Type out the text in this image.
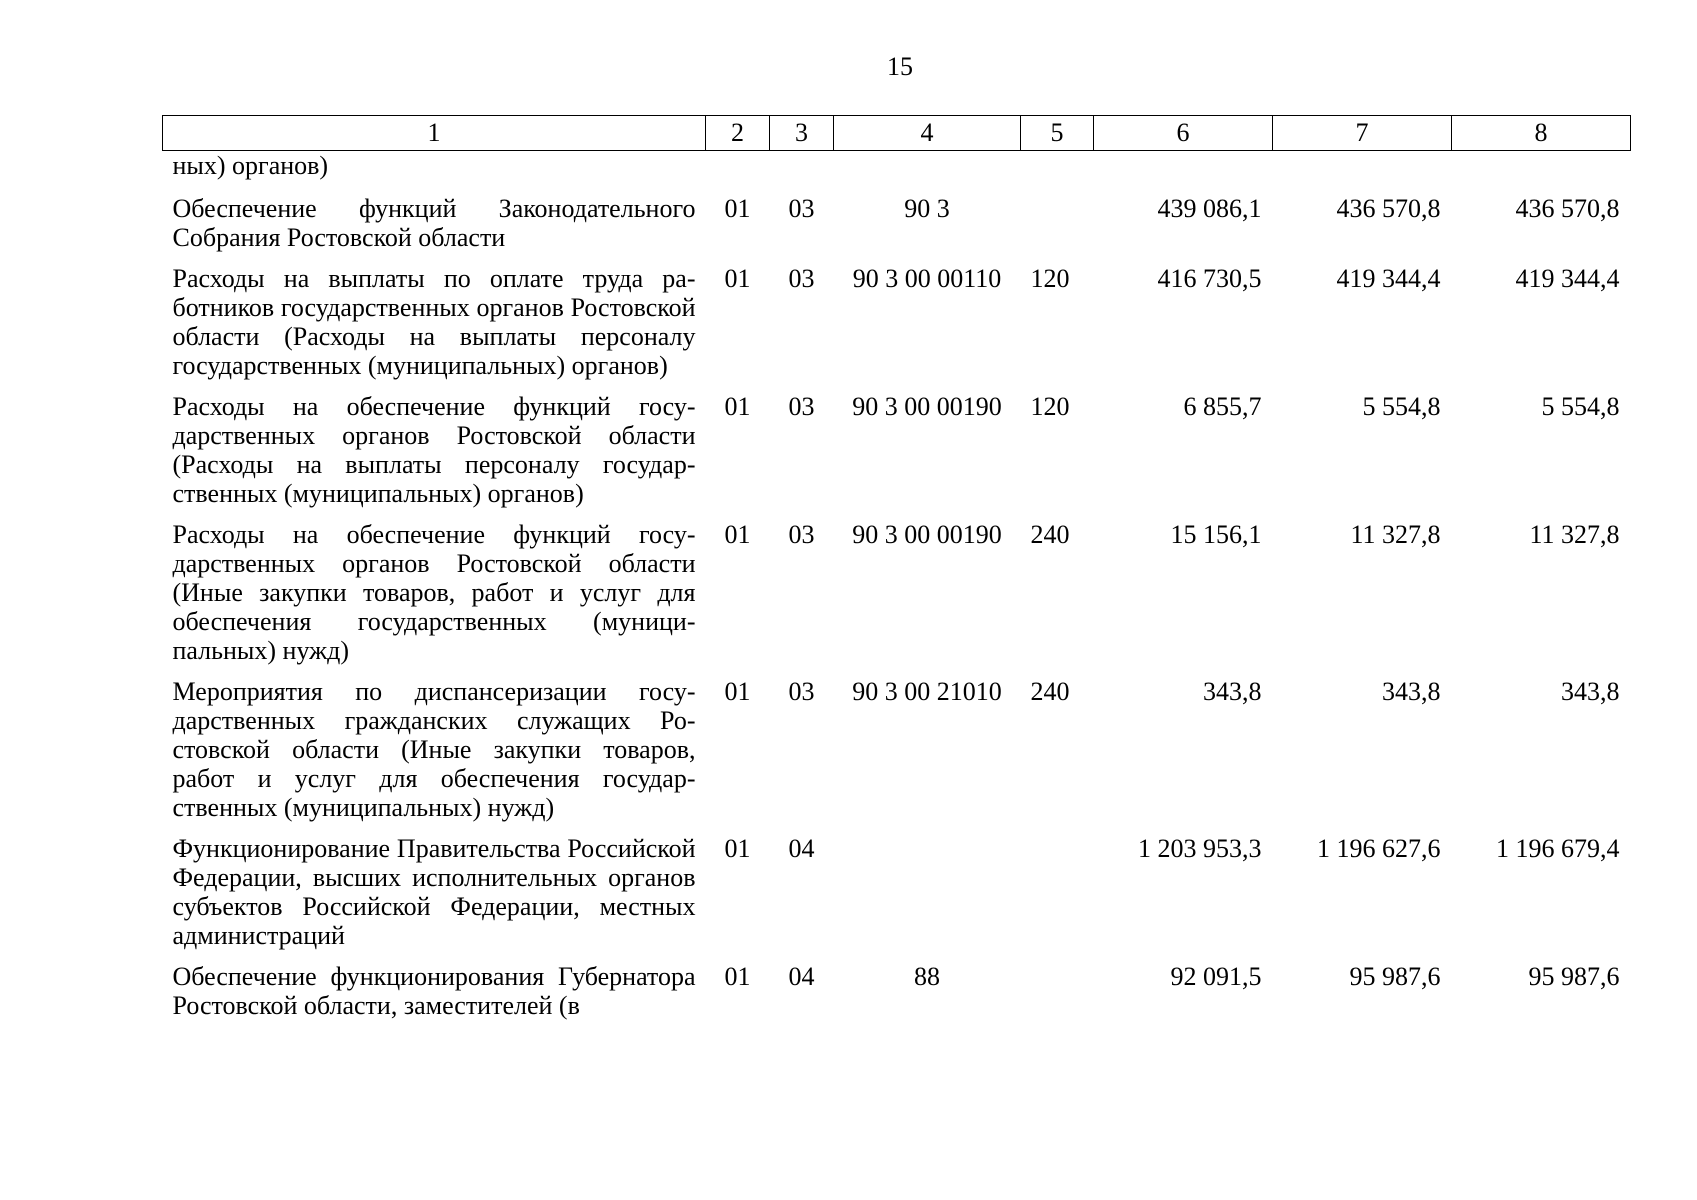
15
1	2	3	4	5	6	7	8
ных) органов)							
Обеспечение функций Законодательного Собрания Ростовской области	01	03	90 3		439 086,1	436 570,8	436 570,8
Расходы на выплаты по оплате труда работников государственных органов Ростовской области (Расходы на выплаты персоналу государственных (муниципальных) органов)	01	03	90 3 00 00110	120	416 730,5	419 344,4	419 344,4
Расходы на обеспечение функций государственных органов Ростовской области (Расходы на выплаты персоналу государственных (муниципальных) органов)	01	03	90 3 00 00190	120	6 855,7	5 554,8	5 554,8
Расходы на обеспечение функций государственных органов Ростовской области (Иные закупки товаров, работ и услуг для обеспечения государственных (муниципальных) нужд)	01	03	90 3 00 00190	240	15 156,1	11 327,8	11 327,8
Мероприятия по диспансеризации государственных гражданских служащих Ростовской области (Иные закупки товаров, работ и услуг для обеспечения государственных (муниципальных) нужд)	01	03	90 3 00 21010	240	343,8	343,8	343,8
Функционирование Правительства Российской Федерации, высших исполнительных органов субъектов Российской Федерации, местных администраций	01	04			1 203 953,3	1 196 627,6	1 196 679,4
Обеспечение функционирования Губернатора Ростовской области, заместителей (в	01	04	88		92 091,5	95 987,6	95 987,6
